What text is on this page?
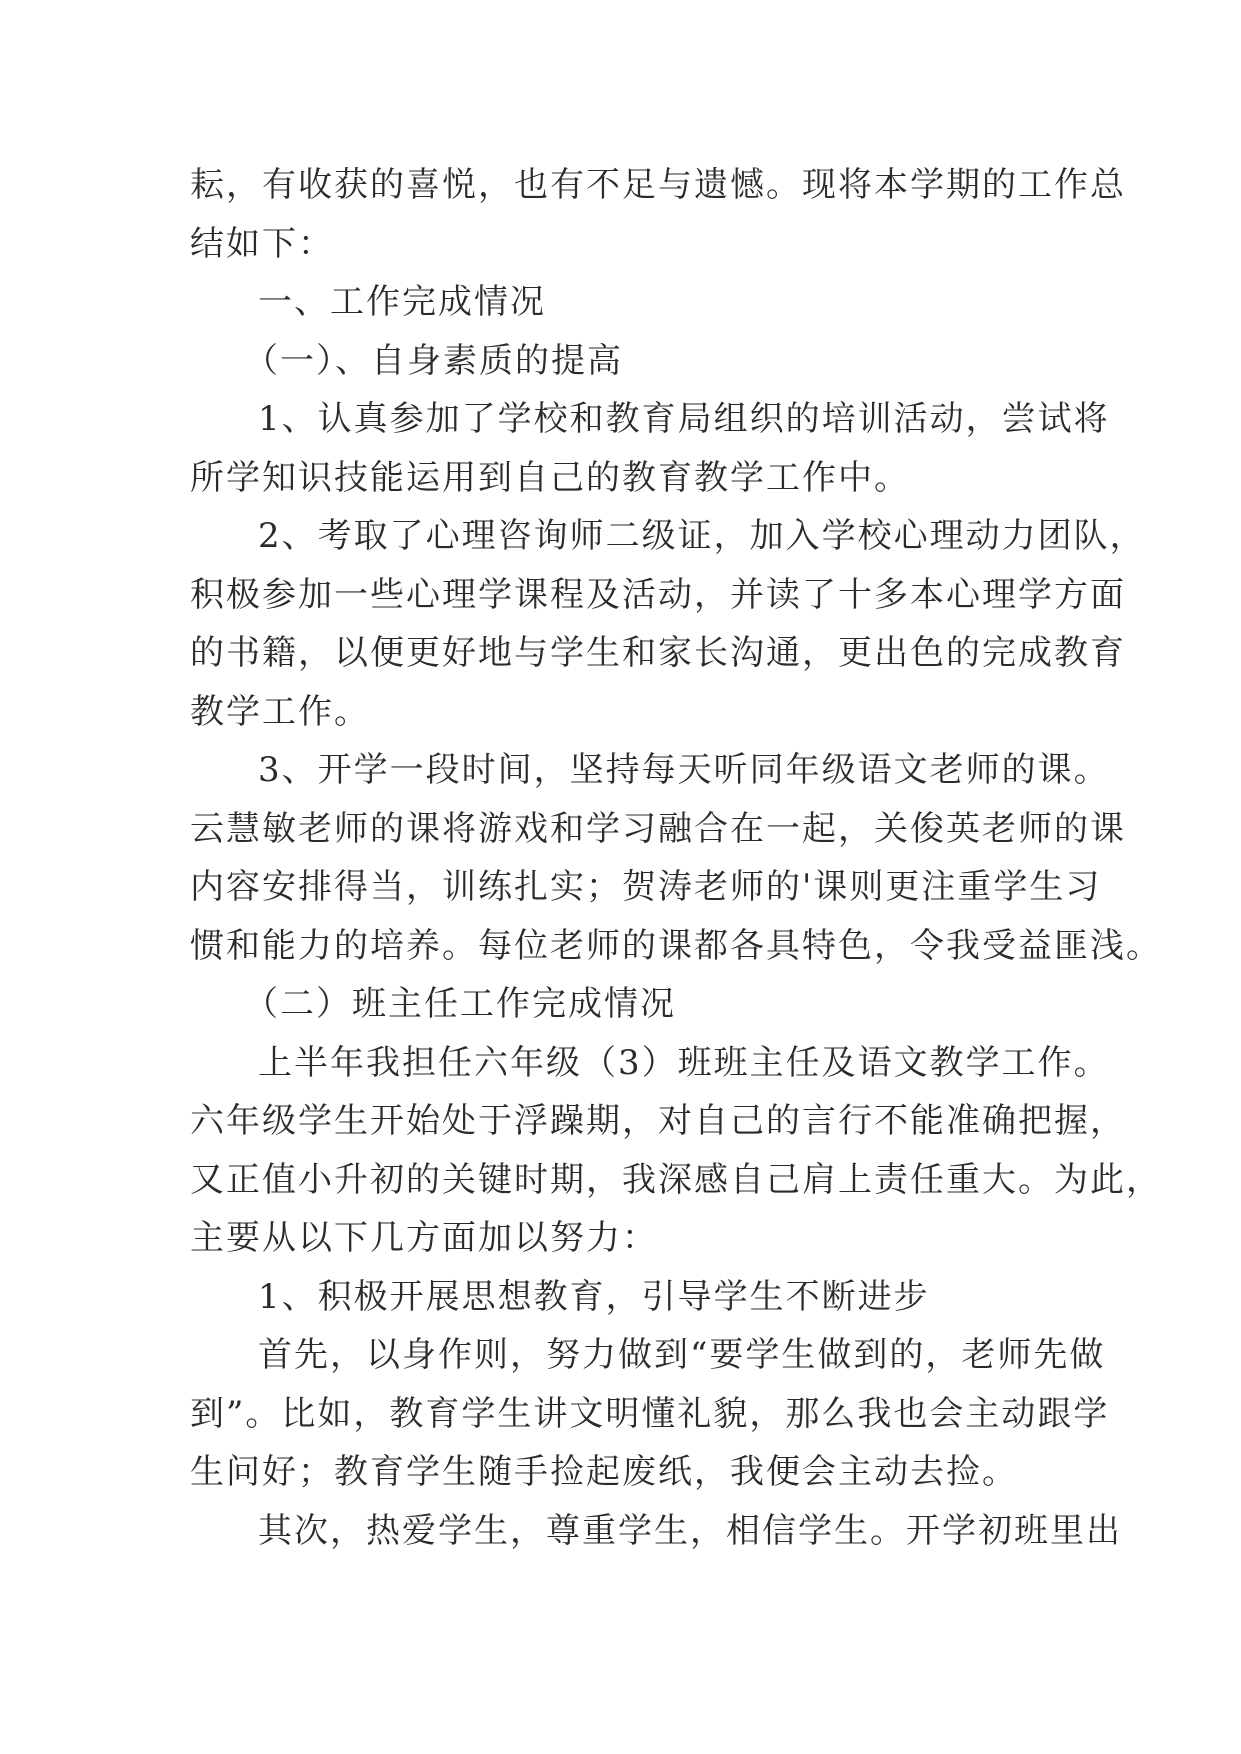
耘，有收获的喜悦，也有不足与遗憾。现将本学期的工作总
结如下：
一、工作完成情况
（一）、自身素质的提高
1、认真参加了学校和教育局组织的培训活动，尝试将
所学知识技能运用到自己的教育教学工作中。
2、考取了心理咨询师二级证，加入学校心理动力团队，
积极参加一些心理学课程及活动，并读了十多本心理学方面
的书籍，以便更好地与学生和家长沟通，更出色的完成教育
教学工作。
3、开学一段时间，坚持每天听同年级语文老师的课。
云慧敏老师的课将游戏和学习融合在一起，关俊英老师的课
内容安排得当，训练扎实；贺涛老师的'课则更注重学生习
惯和能力的培养。每位老师的课都各具特色，令我受益匪浅。
（二）班主任工作完成情况
上半年我担任六年级（3）班班主任及语文教学工作。
六年级学生开始处于浮躁期，对自己的言行不能准确把握，
又正值小升初的关键时期，我深感自己肩上责任重大。为此，
主要从以下几方面加以努力：
1、积极开展思想教育，引导学生不断进步
首先，以身作则，努力做到“要学生做到的，老师先做
到”。比如，教育学生讲文明懂礼貌，那么我也会主动跟学
生问好；教育学生随手捡起废纸，我便会主动去捡。
其次，热爱学生，尊重学生，相信学生。开学初班里出
